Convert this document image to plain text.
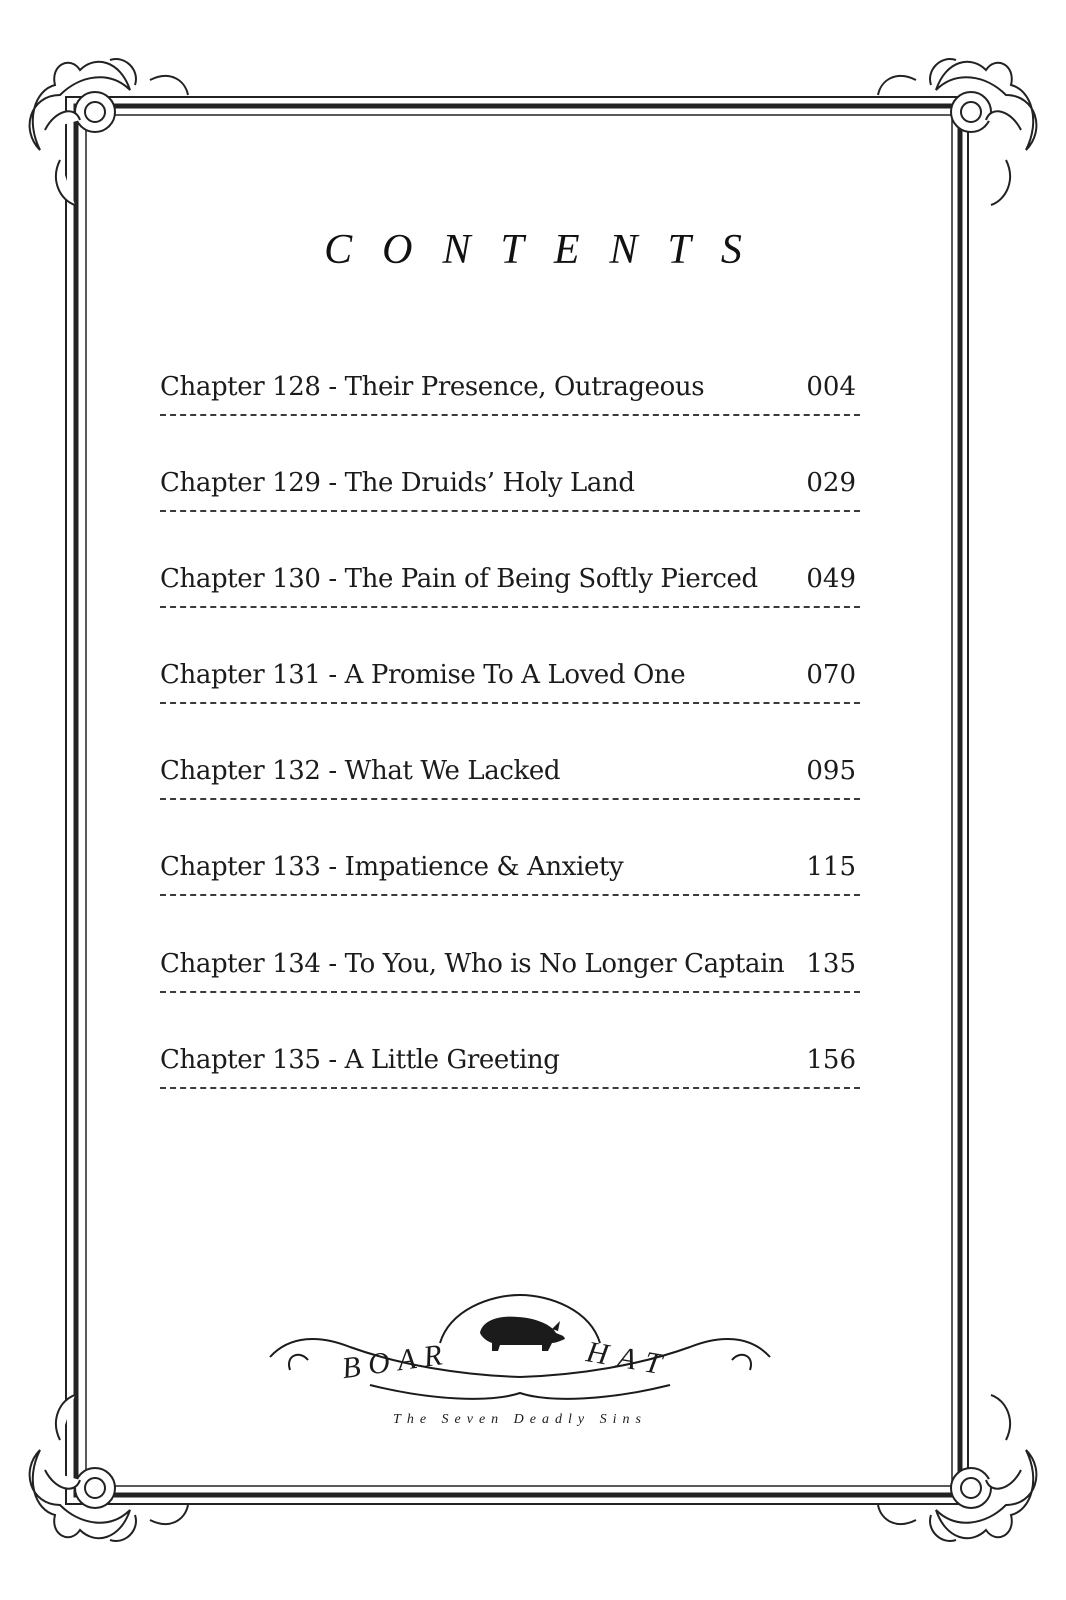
CONTENTS
Chapter 128 - Their Presence, Outrageous	004
Chapter 129 - The Druids’ Holy Land	029
Chapter 130 - The Pain of Being Softly Pierced 049
Chapter 131 - A Promise To A Loved One	070
Chapter 132 - What We Lacked	095
Chapter 133 - Impatience & Anxiety	115
Chapter 134 - To You, Who is No Longer Captain 135
Chapter 135 - A Little Greeting	156
BOAR	HAT
The Seven Deadly Sins
